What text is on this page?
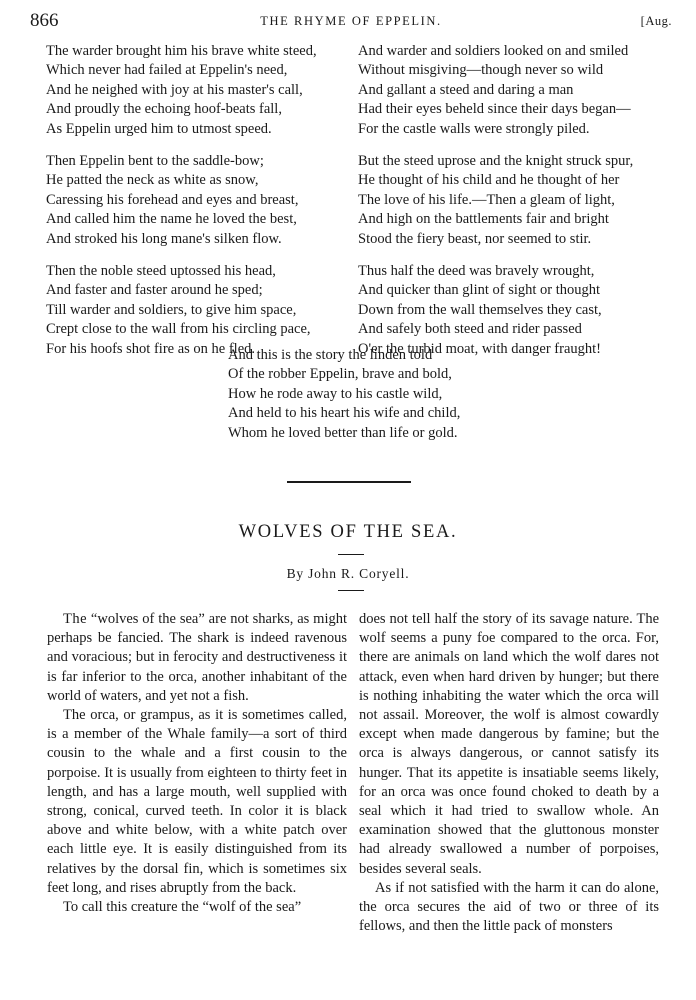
866	THE RHYME OF EPPELIN.	[Aug.
The warder brought him his brave white steed,
Which never had failed at Eppelin's need,
And he neighed with joy at his master's call,
And proudly the echoing hoof-beats fall,
As Eppelin urged him to utmost speed.
Then Eppelin bent to the saddle-bow;
He patted the neck as white as snow,
Caressing his forehead and eyes and breast,
And called him the name he loved the best,
And stroked his long mane's silken flow.
Then the noble steed uptossed his head,
And faster and faster around he sped;
Till warder and soldiers, to give him space,
Crept close to the wall from his circling pace,
For his hoofs shot fire as on he fled.
And warder and soldiers looked on and smiled
Without misgiving—though never so wild
And gallant a steed and daring a man
Had their eyes beheld since their days began—
For the castle walls were strongly piled.
But the steed uprose and the knight struck spur,
He thought of his child and he thought of her
The love of his life.—Then a gleam of light,
And high on the battlements fair and bright
Stood the fiery beast, nor seemed to stir.
Thus half the deed was bravely wrought,
And quicker than glint of sight or thought
Down from the wall themselves they cast,
And safely both steed and rider passed
O'er the turbid moat, with danger fraught!
And this is the story the linden told
Of the robber Eppelin, brave and bold,
How he rode away to his castle wild,
And held to his heart his wife and child,
Whom he loved better than life or gold.
WOLVES OF THE SEA.
By John R. Coryell.

The “wolves of the sea” are not sharks, as might perhaps be fancied. The shark is indeed ravenous and voracious; but in ferocity and destructiveness it is far inferior to the orca, another inhabitant of the world of waters, and yet not a fish.

The orca, or grampus, as it is sometimes called, is a member of the Whale family—a sort of third cousin to the whale and a first cousin to the porpoise. It is usually from eighteen to thirty feet in length, and has a large mouth, well supplied with strong, conical, curved teeth. In color it is black above and white below, with a white patch over each little eye. It is easily distinguished from its relatives by the dorsal fin, which is sometimes six feet long, and rises abruptly from the back.

To call this creature the “wolf of the sea”

does not tell half the story of its savage nature. The wolf seems a puny foe compared to the orca. For, there are animals on land which the wolf dares not attack, even when hard driven by hunger; but there is nothing inhabiting the water which the orca will not assail. Moreover, the wolf is almost cowardly except when made dangerous by famine; but the orca is always dangerous, or cannot satisfy its hunger. That its appetite is insatiable seems likely, for an orca was once found choked to death by a seal which it had tried to swallow whole. An examination showed that the gluttonous monster had already swallowed a number of porpoises, besides several seals.

As if not satisfied with the harm it can do alone, the orca secures the aid of two or three of its fellows, and then the little pack of monsters
